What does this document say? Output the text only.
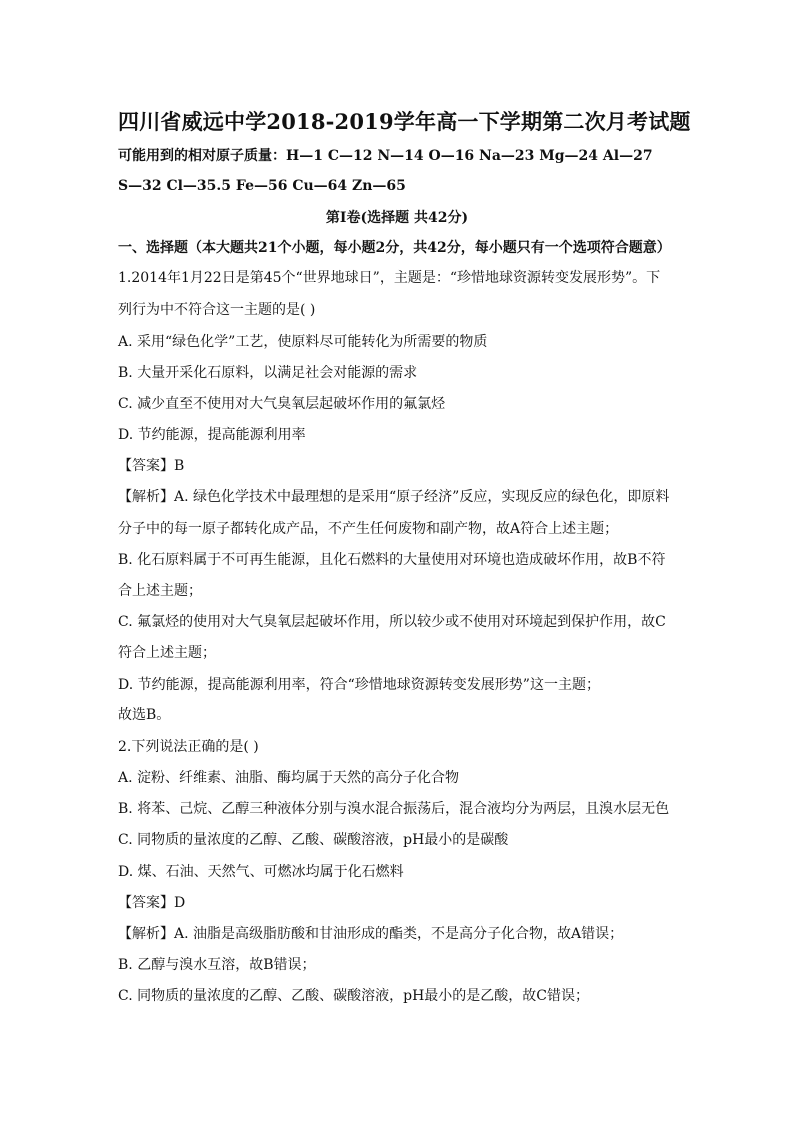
四川省威远中学2018-2019学年高一下学期第二次月考试题
可能用到的相对原子质量：H—1 C—12 N—14 O—16 Na—23 Mg—24 Al—27
S—32 Cl—35.5 Fe—56 Cu—64 Zn—65
第Ⅰ卷(选择题 共42分)
一、选择题（本大题共21个小题，每小题2分，共42分，每小题只有一个选项符合题意）
1.2014年1月22日是第45个“世界地球日”，主题是：“珍惜地球资源转变发展形势”。下
列行为中不符合这一主题的是( )
A. 采用“绿色化学”工艺，使原料尽可能转化为所需要的物质
B. 大量开采化石原料，以满足社会对能源的需求
C. 减少直至不使用对大气臭氧层起破坏作用的氟氯烃
D. 节约能源，提高能源利用率
【答案】B
【解析】A. 绿色化学技术中最理想的是采用“原子经济”反应，实现反应的绿色化，即原料
分子中的每一原子都转化成产品，不产生任何废物和副产物，故A符合上述主题；
B. 化石原料属于不可再生能源，且化石燃料的大量使用对环境也造成破坏作用，故B不符
合上述主题；
C. 氟氯烃的使用对大气臭氧层起破坏作用，所以较少或不使用对环境起到保护作用，故C
符合上述主题；
D. 节约能源，提高能源利用率，符合“珍惜地球资源转变发展形势”这一主题；
故选B。
2.下列说法正确的是( )
A. 淀粉、纤维素、油脂、酶均属于天然的高分子化合物
B. 将苯、己烷、乙醇三种液体分别与溴水混合振荡后，混合液均分为两层，且溴水层无色
C. 同物质的量浓度的乙醇、乙酸、碳酸溶液，pH最小的是碳酸
D. 煤、石油、天然气、可燃冰均属于化石燃料
【答案】D
【解析】A. 油脂是高级脂肪酸和甘油形成的酯类，不是高分子化合物，故A错误；
B. 乙醇与溴水互溶，故B错误；
C. 同物质的量浓度的乙醇、乙酸、碳酸溶液，pH最小的是乙酸，故C错误；
